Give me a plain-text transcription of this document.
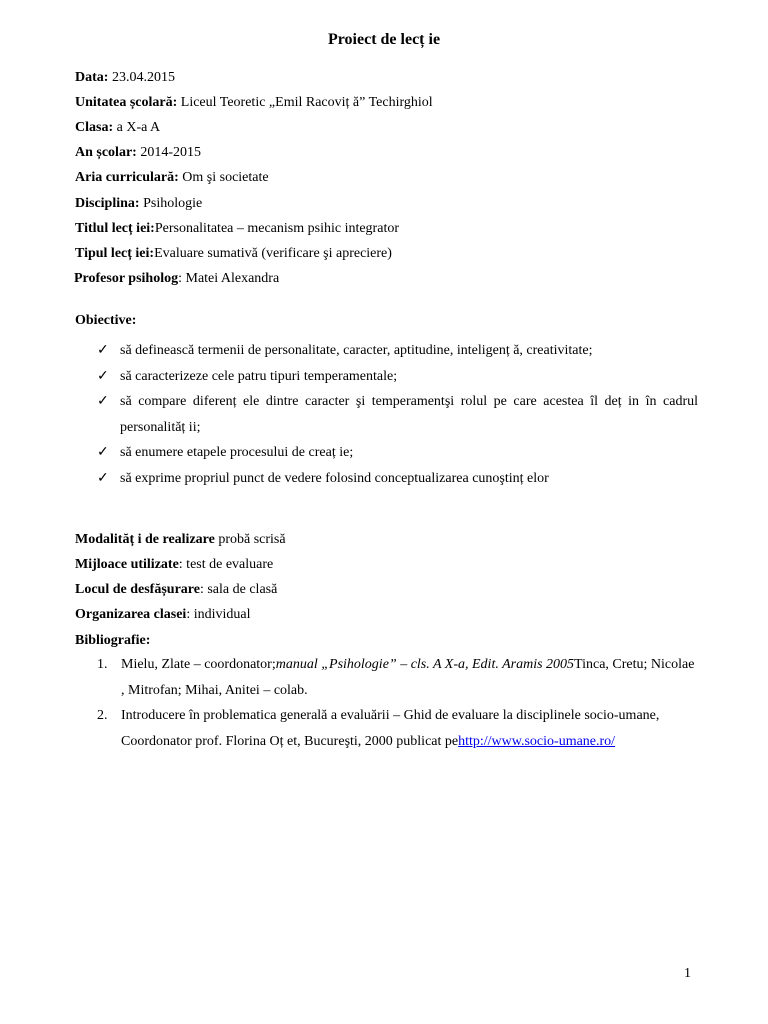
Proiect de lecț ie
Data: 23.04.2015
Unitatea școlară: Liceul Teoretic „Emil Racoviț ă” Techirghiol
Clasa: a X-a A
An școlar: 2014-2015
Aria curriculară: Om şi societate
Disciplina: Psihologie
Titlul lecț iei:Personalitatea – mecanism psihic integrator
Tipul lecț iei:Evaluare sumativă (verificare şi apreciere)
Profesor psiholog: Matei Alexandra
Obiective:
✓ să definească termenii de personalitate, caracter, aptitudine, inteligenț ă, creativitate;
✓ să caracterizeze cele patru tipuri temperamentale;
✓ să compare diferenț ele dintre caracter şi temperamentşi rolul pe care acestea îl deț in în cadrul personalităț ii;
✓ să enumere etapele procesului de creaț ie;
✓ să exprime propriul punct de vedere folosind conceptualizarea cunoştinț elor
Modalităț i de realizare probă scrisă
Mijloace utilizate: test de evaluare
Locul de desfășurare: sala de clasă
Organizarea clasei: individual
Bibliografie:
1. Mielu, Zlate – coordonator;manual „Psihologie” – cls. A X-a, Edit. Aramis 2005Tinca, Cretu; Nicolae , Mitrofan; Mihai, Anitei – colab.
2. Introducere în problematica generală a evaluării – Ghid de evaluare la disciplinele socio-umane, Coordonator prof. Florina Oț et, Bucureşti, 2000 publicat pehttp://www.socio-umane.ro/
1
